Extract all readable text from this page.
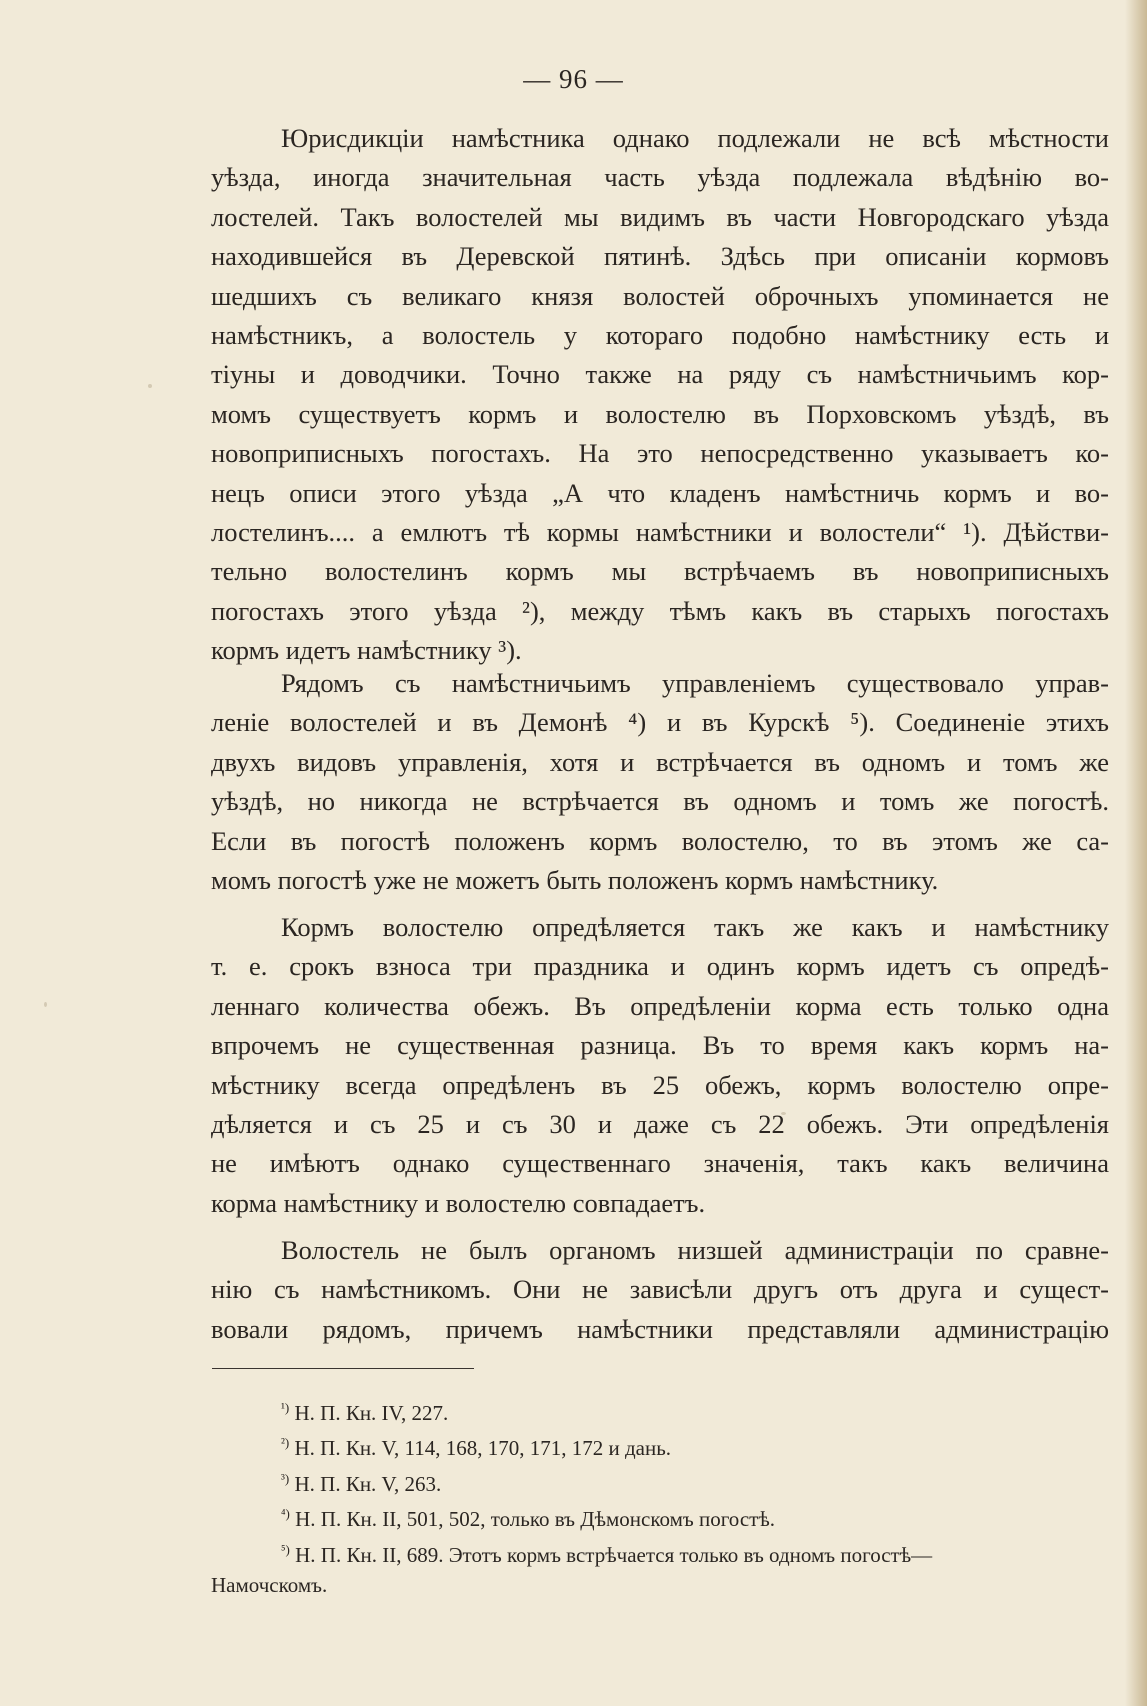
— 96 —
Юрисдикціи намѣстника однако подлежали не всѣ мѣстности
уѣзда, иногда значительная часть уѣзда подлежала вѣдѣнію во-
лостелей. Такъ волостелей мы видимъ въ части Новгородскаго уѣзда
находившейся въ Деревской пятинѣ. Здѣсь при описаніи кормовъ
шедшихъ съ великаго князя волостей оброчныхъ упоминается не
намѣстникъ, а волостель у котораго подобно намѣстнику есть и
тіуны и доводчики. Точно также на ряду съ намѣстничьимъ кор-
момъ существуетъ кормъ и волостелю въ Порховскомъ уѣздѣ, въ
новоприписныхъ погостахъ. На это непосредственно указываетъ ко-
нецъ описи этого уѣзда „А что кладенъ намѣстничь кормъ и во-
лостелинъ.... а емлютъ тѣ кормы намѣстники и волостели“ ¹). Дѣйстви-
тельно волостелинъ кормъ мы встрѣчаемъ въ новоприписныхъ
погостахъ этого уѣзда ²), между тѣмъ какъ въ старыхъ погостахъ
кормъ идетъ намѣстнику ³).
Рядомъ съ намѣстничьимъ управленіемъ существовало управ-
леніе волостелей и въ Демонѣ ⁴) и въ Курскѣ ⁵). Соединеніе этихъ
двухъ видовъ управленія, хотя и встрѣчается въ одномъ и томъ же
уѣздѣ, но никогда не встрѣчается въ одномъ и томъ же погостѣ.
Если въ погостѣ положенъ кормъ волостелю, то въ этомъ же са-
момъ погостѣ уже не можетъ быть положенъ кормъ намѣстнику.
Кормъ волостелю опредѣляется такъ же какъ и намѣстнику
т. е. срокъ взноса три праздника и одинъ кормъ идетъ съ опредѣ-
леннаго количества обежъ. Въ опредѣленіи корма есть только одна
впрочемъ не существенная разница. Въ то время какъ кормъ на-
мѣстнику всегда опредѣленъ въ 25 обежъ, кормъ волостелю опре-
дѣляется и съ 25 и съ 30 и даже съ 22 обежъ. Эти опредѣленія
не имѣютъ однако существеннаго значенія, такъ какъ величина
корма намѣстнику и волостелю совпадаетъ.
Волостель не былъ органомъ низшей администраціи по сравне-
нію съ намѣстникомъ. Они не зависѣли другъ отъ друга и сущест-
вовали рядомъ, причемъ намѣстники представляли администрацію
$^{^1)}$ Н. П. Кн. IV, 227.
$^{^2)}$ Н. П. Кн. V, 114, 168, 170, 171, 172 и дань.
$^{^3)}$ Н. П. Кн. V, 263.
$^{^4)}$ Н. П. Кн. II, 501, 502, только въ Дѣмонскомъ погостѣ.
$^{^5)}$ Н. П. Кн. II, 689. Этотъ кормъ встрѣчается только въ одномъ погостѣ—
Намочскомъ.
